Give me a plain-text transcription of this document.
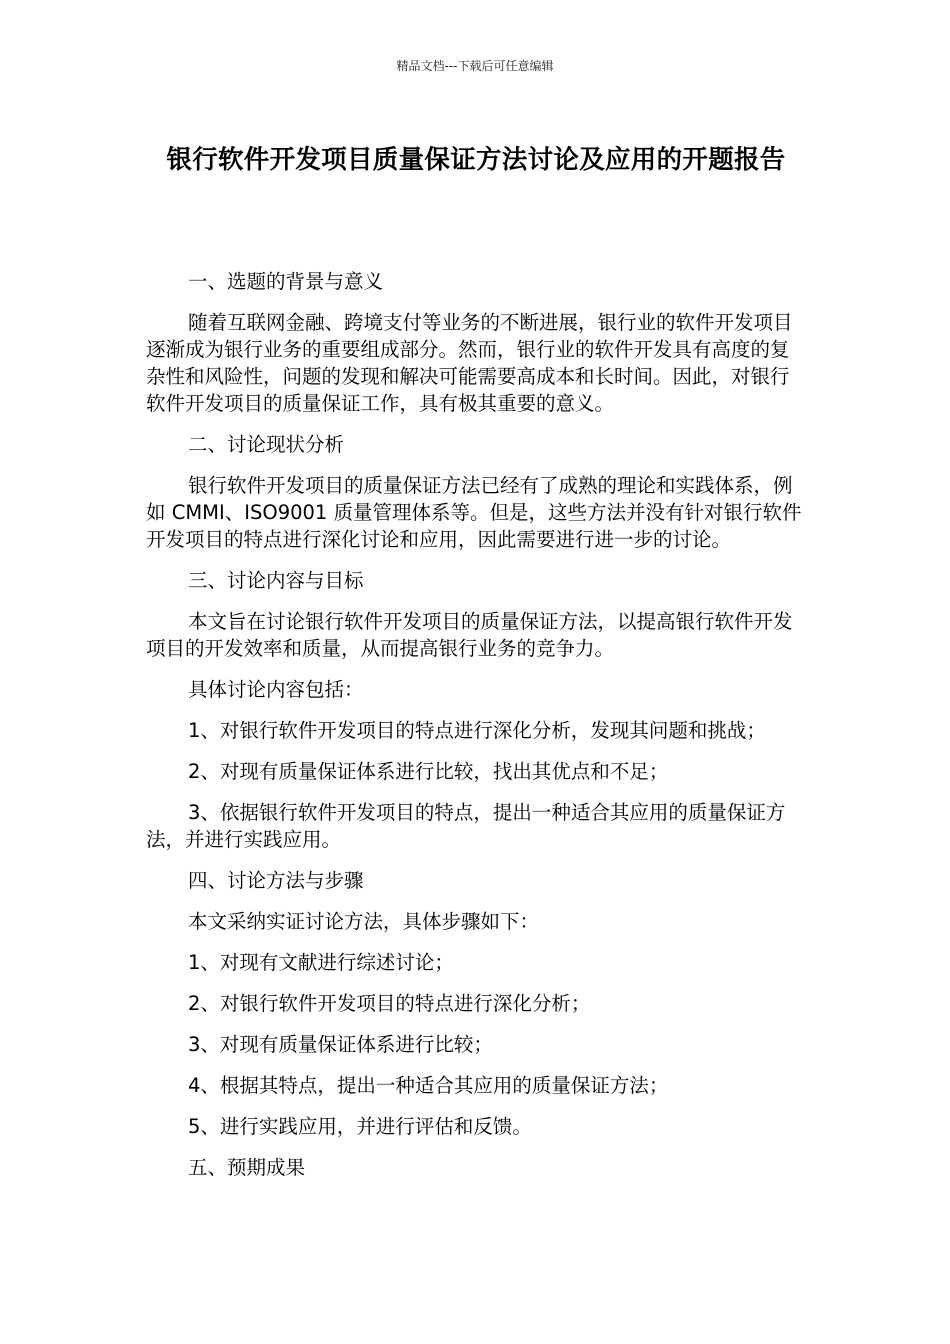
精品文档---下载后可任意编辑
银行软件开发项目质量保证方法讨论及应用的开题报告

一、选题的背景与意义

随着互联网金融、跨境支付等业务的不断进展，银行业的软件开发项目逐渐成为银行业务的重要组成部分。然而，银行业的软件开发具有高度的复杂性和风险性，问题的发现和解决可能需要高成本和长时间。因此，对银行软件开发项目的质量保证工作，具有极其重要的意义。

二、讨论现状分析

银行软件开发项目的质量保证方法已经有了成熟的理论和实践体系，例如 CMMI、ISO9001 质量管理体系等。但是，这些方法并没有针对银行软件开发项目的特点进行深化讨论和应用，因此需要进行进一步的讨论。

三、讨论内容与目标

本文旨在讨论银行软件开发项目的质量保证方法，以提高银行软件开发项目的开发效率和质量，从而提高银行业务的竞争力。

具体讨论内容包括：

1、对银行软件开发项目的特点进行深化分析，发现其问题和挑战；

2、对现有质量保证体系进行比较，找出其优点和不足；

3、依据银行软件开发项目的特点，提出一种适合其应用的质量保证方法，并进行实践应用。

四、讨论方法与步骤

本文采纳实证讨论方法，具体步骤如下：

1、对现有文献进行综述讨论；

2、对银行软件开发项目的特点进行深化分析；

3、对现有质量保证体系进行比较；

4、根据其特点，提出一种适合其应用的质量保证方法；

5、进行实践应用，并进行评估和反馈。

五、预期成果
